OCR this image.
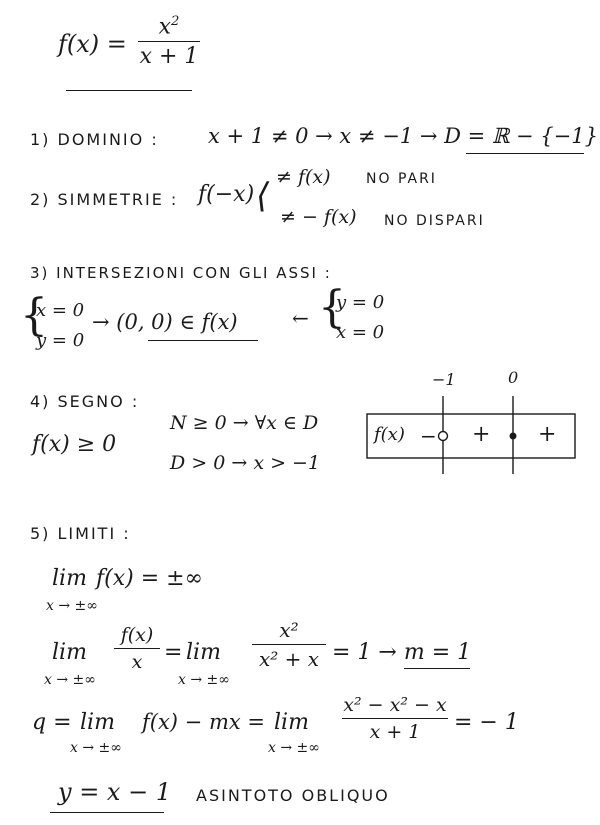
f(x) =
$x^2$
x + 1
1) DOMINIO : x + 1 ≠ 0 → x ≠ −1 → D = ℝ − {−1}
2) SIMMETRIE : f(−x) ⟨ ≠ f(x)	NO PARI
≠ − f(x) NO DISPARI
3) INTERSEZIONI CON GLI ASSI :
{
x = 0
y = 0
→ (0, 0) ∈ f(x)	← {
y = 0
x = 0
4) SEGNO :
f(x) ≥ 0
N ≥ 0 → ∀x ∈ D
D > 0 → x > −1
−1	0
f(x) − + +
5) LIMITI :
lim
x → ±∞
f(x) = ±∞
lim
x → ±∞
f(x)
x = lim
x → ±∞
x²
x² + x = 1 → m = 1
q = lim
x → ±∞
f(x) − mx = lim
x → ±∞
x² − x² − x
x + 1	= − 1
y = x − 1 ASINTOTO OBLIQUO
